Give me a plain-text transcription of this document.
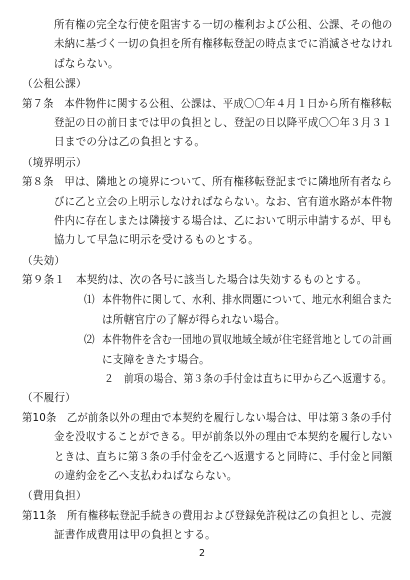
所有権の完全な行使を阻害する一切の権利および公租、公課、その他の
未納に基づく一切の負担を所有権移転登記の時点までに消滅させなけれ
ばならない。
（公租公課）
第７条　本件物件に関する公租、公課は、平成〇〇年４月１日から所有権移転
登記の日の前日までは甲の負担とし、登記の日以降平成〇〇年３月３１
日までの分は乙の負担とする。
（境界明示）
第８条　甲は、隣地との境界について、所有権移転登記までに隣地所有者なら
びに乙と立会の上明示しなければならない。なお、官有道水路が本件物
件内に存在しまたは隣接する場合は、乙において明示申請するが、甲も
協力して早急に明示を受けるものとする。
（失効）
第９条１　本契約は、次の各号に該当した場合は失効するものとする。
⑴ 本件物件に関して、水利、排水問題について、地元水利組合また
は所轄官庁の了解が得られない場合。
⑵ 本件物件を含む一団地の買収地域全域が住宅経営地としての計画
に支障をきたす場合。
２　前項の場合、第３条の手付金は直ちに甲から乙へ返還する。
（不履行）
第10条　乙が前条以外の理由で本契約を履行しない場合は、甲は第３条の手付
金を没収することができる。甲が前条以外の理由で本契約を履行しない
ときは、直ちに第３条の手付金を乙へ返還すると同時に、手付金と同額
の違約金を乙へ支払わねばならない。
（費用負担）
第11条　所有権移転登記手続きの費用および登録免許税は乙の負担とし、売渡
証書作成費用は甲の負担とする。
2
